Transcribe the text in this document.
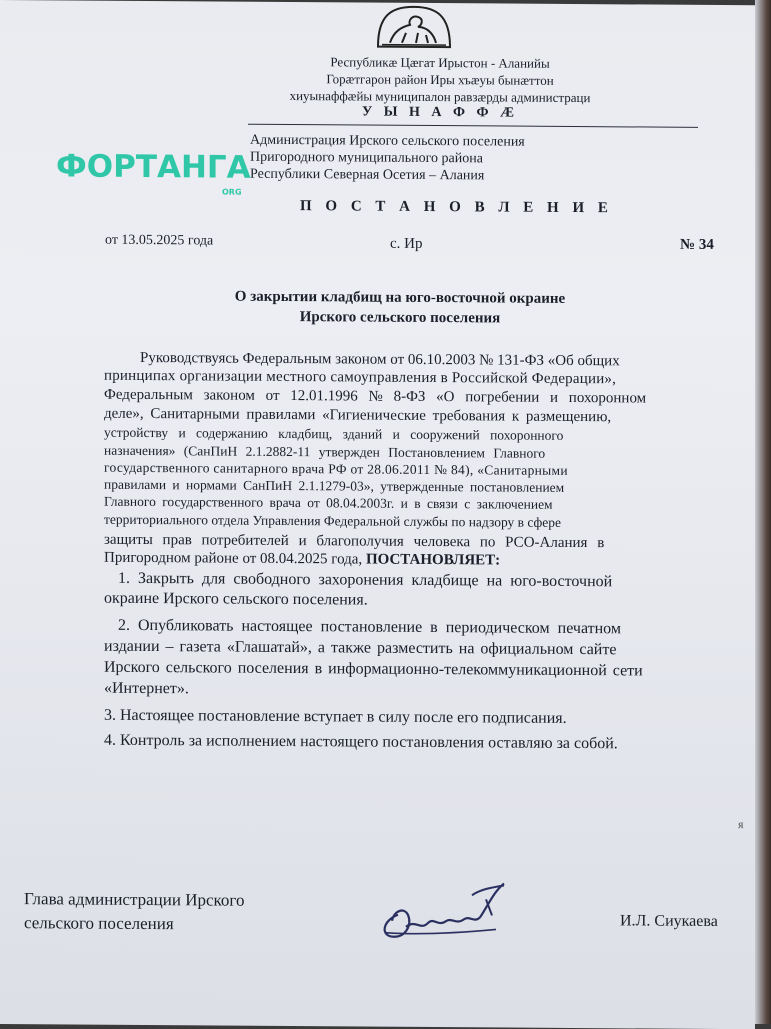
Республикæ Цæгат Ирыстон - Аланийы
Горæтгарон район Иры хъæуы бынæттон
хиуынаффæйы муниципалон равзæрды администраци
У Ы Н А Ф Ф Æ
Администрация Ирского сельского поселения
Пригородного муниципального района
Республики Северная Осетия – Алания
ФОРТАНГА
ORG
П О С Т А Н О В Л Е Н И Е
от 13.05.2025 года	с. Ир	№ 34
О закрытии кладбищ на юго-восточной окраине
Ирского сельского поселения
Руководствуясь Федеральным законом от 06.10.2003 № 131-ФЗ «Об общих
принципах организации местного самоуправления в Российской Федерации»,
Федеральным законом от 12.01.1996 № 8-ФЗ «О погребении и похоронном
деле», Санитарными правилами «Гигиенические требования к размещению,
устройству и содержанию кладбищ, зданий и сооружений похоронного
назначения» (СанПиН 2.1.2882-11 утвержден Постановлением Главного
государственного санитарного врача РФ от 28.06.2011 № 84), «Санитарными
правилами и нормами СанПиН 2.1.1279-03», утвержденные постановлением
Главного государственного врача от 08.04.2003г. и в связи с заключением
территориального отдела Управления Федеральной службы по надзору в сфере
защиты прав потребителей и благополучия человека по РСО-Алания в
Пригородном районе от 08.04.2025 года, ПОСТАНОВЛЯЕТ:
1. Закрыть для свободного захоронения кладбище на юго-восточной
окраине Ирского сельского поселения.
2. Опубликовать настоящее постановление в периодическом печатном
издании – газета «Глашатай», а также разместить на официальном сайте
Ирского сельского поселения в информационно-телекоммуникационной сети
«Интернет».
3. Настоящее постановление вступает в силу после его подписания.
4. Контроль за исполнением настоящего постановления оставляю за собой.
я
Глава администрации Ирского
сельского поселения	И.Л. Сиукаева
